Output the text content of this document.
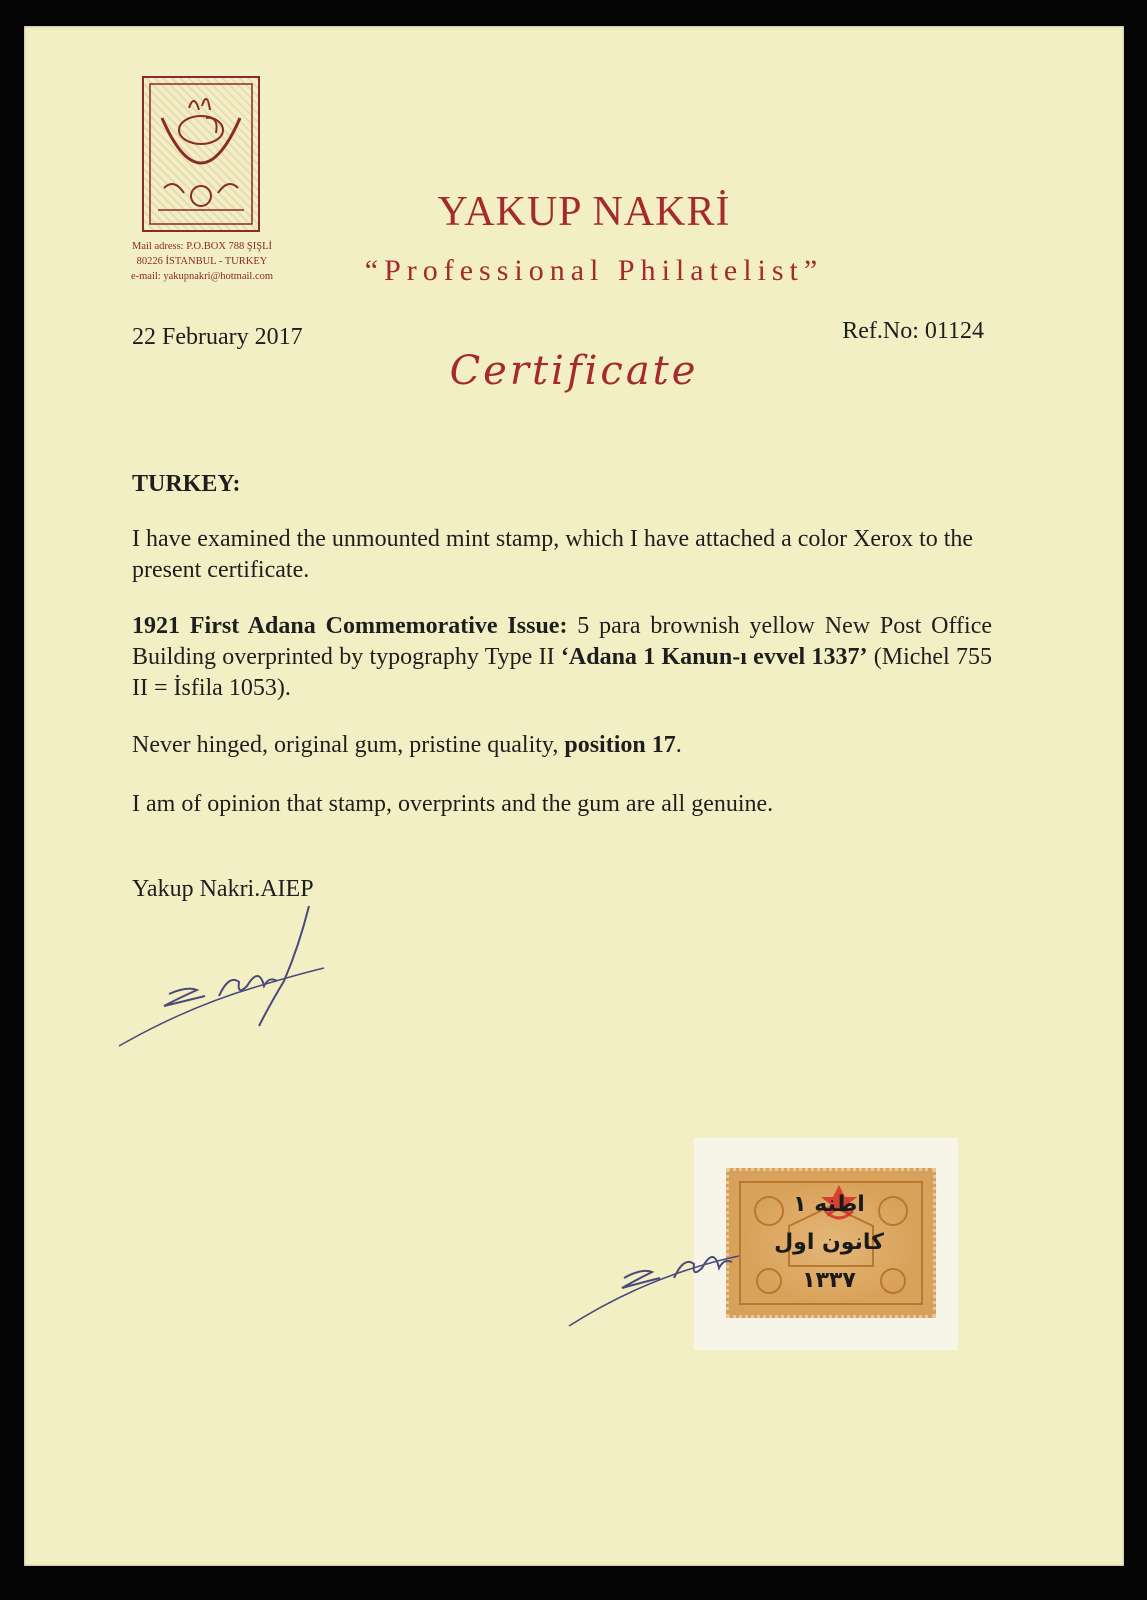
Mail adress: P.O.BOX 788 ŞIŞLİ
80226 İSTANBUL - TURKEY
e-mail: yakupnakri@hotmail.com
YAKUP NAKRİ
“Professional Philatelist”
22 February 2017	Ref.No: 01124
Certificate
TURKEY:
I have examined the unmounted mint stamp, which I have attached a color Xerox to the present certificate.
1921 First Adana Commemorative Issue: 5 para brownish yellow New Post Office Building overprinted by typography Type II ‘Adana 1 Kanun-ı evvel 1337’ (Michel 755 II = İsfila 1053).
Never hinged, original gum, pristine quality, position 17.
I am of opinion that stamp, overprints and the gum are all genuine.
Yakup Nakri.AIEP
اطنه ۱
کانون اول
۱۳۳۷
